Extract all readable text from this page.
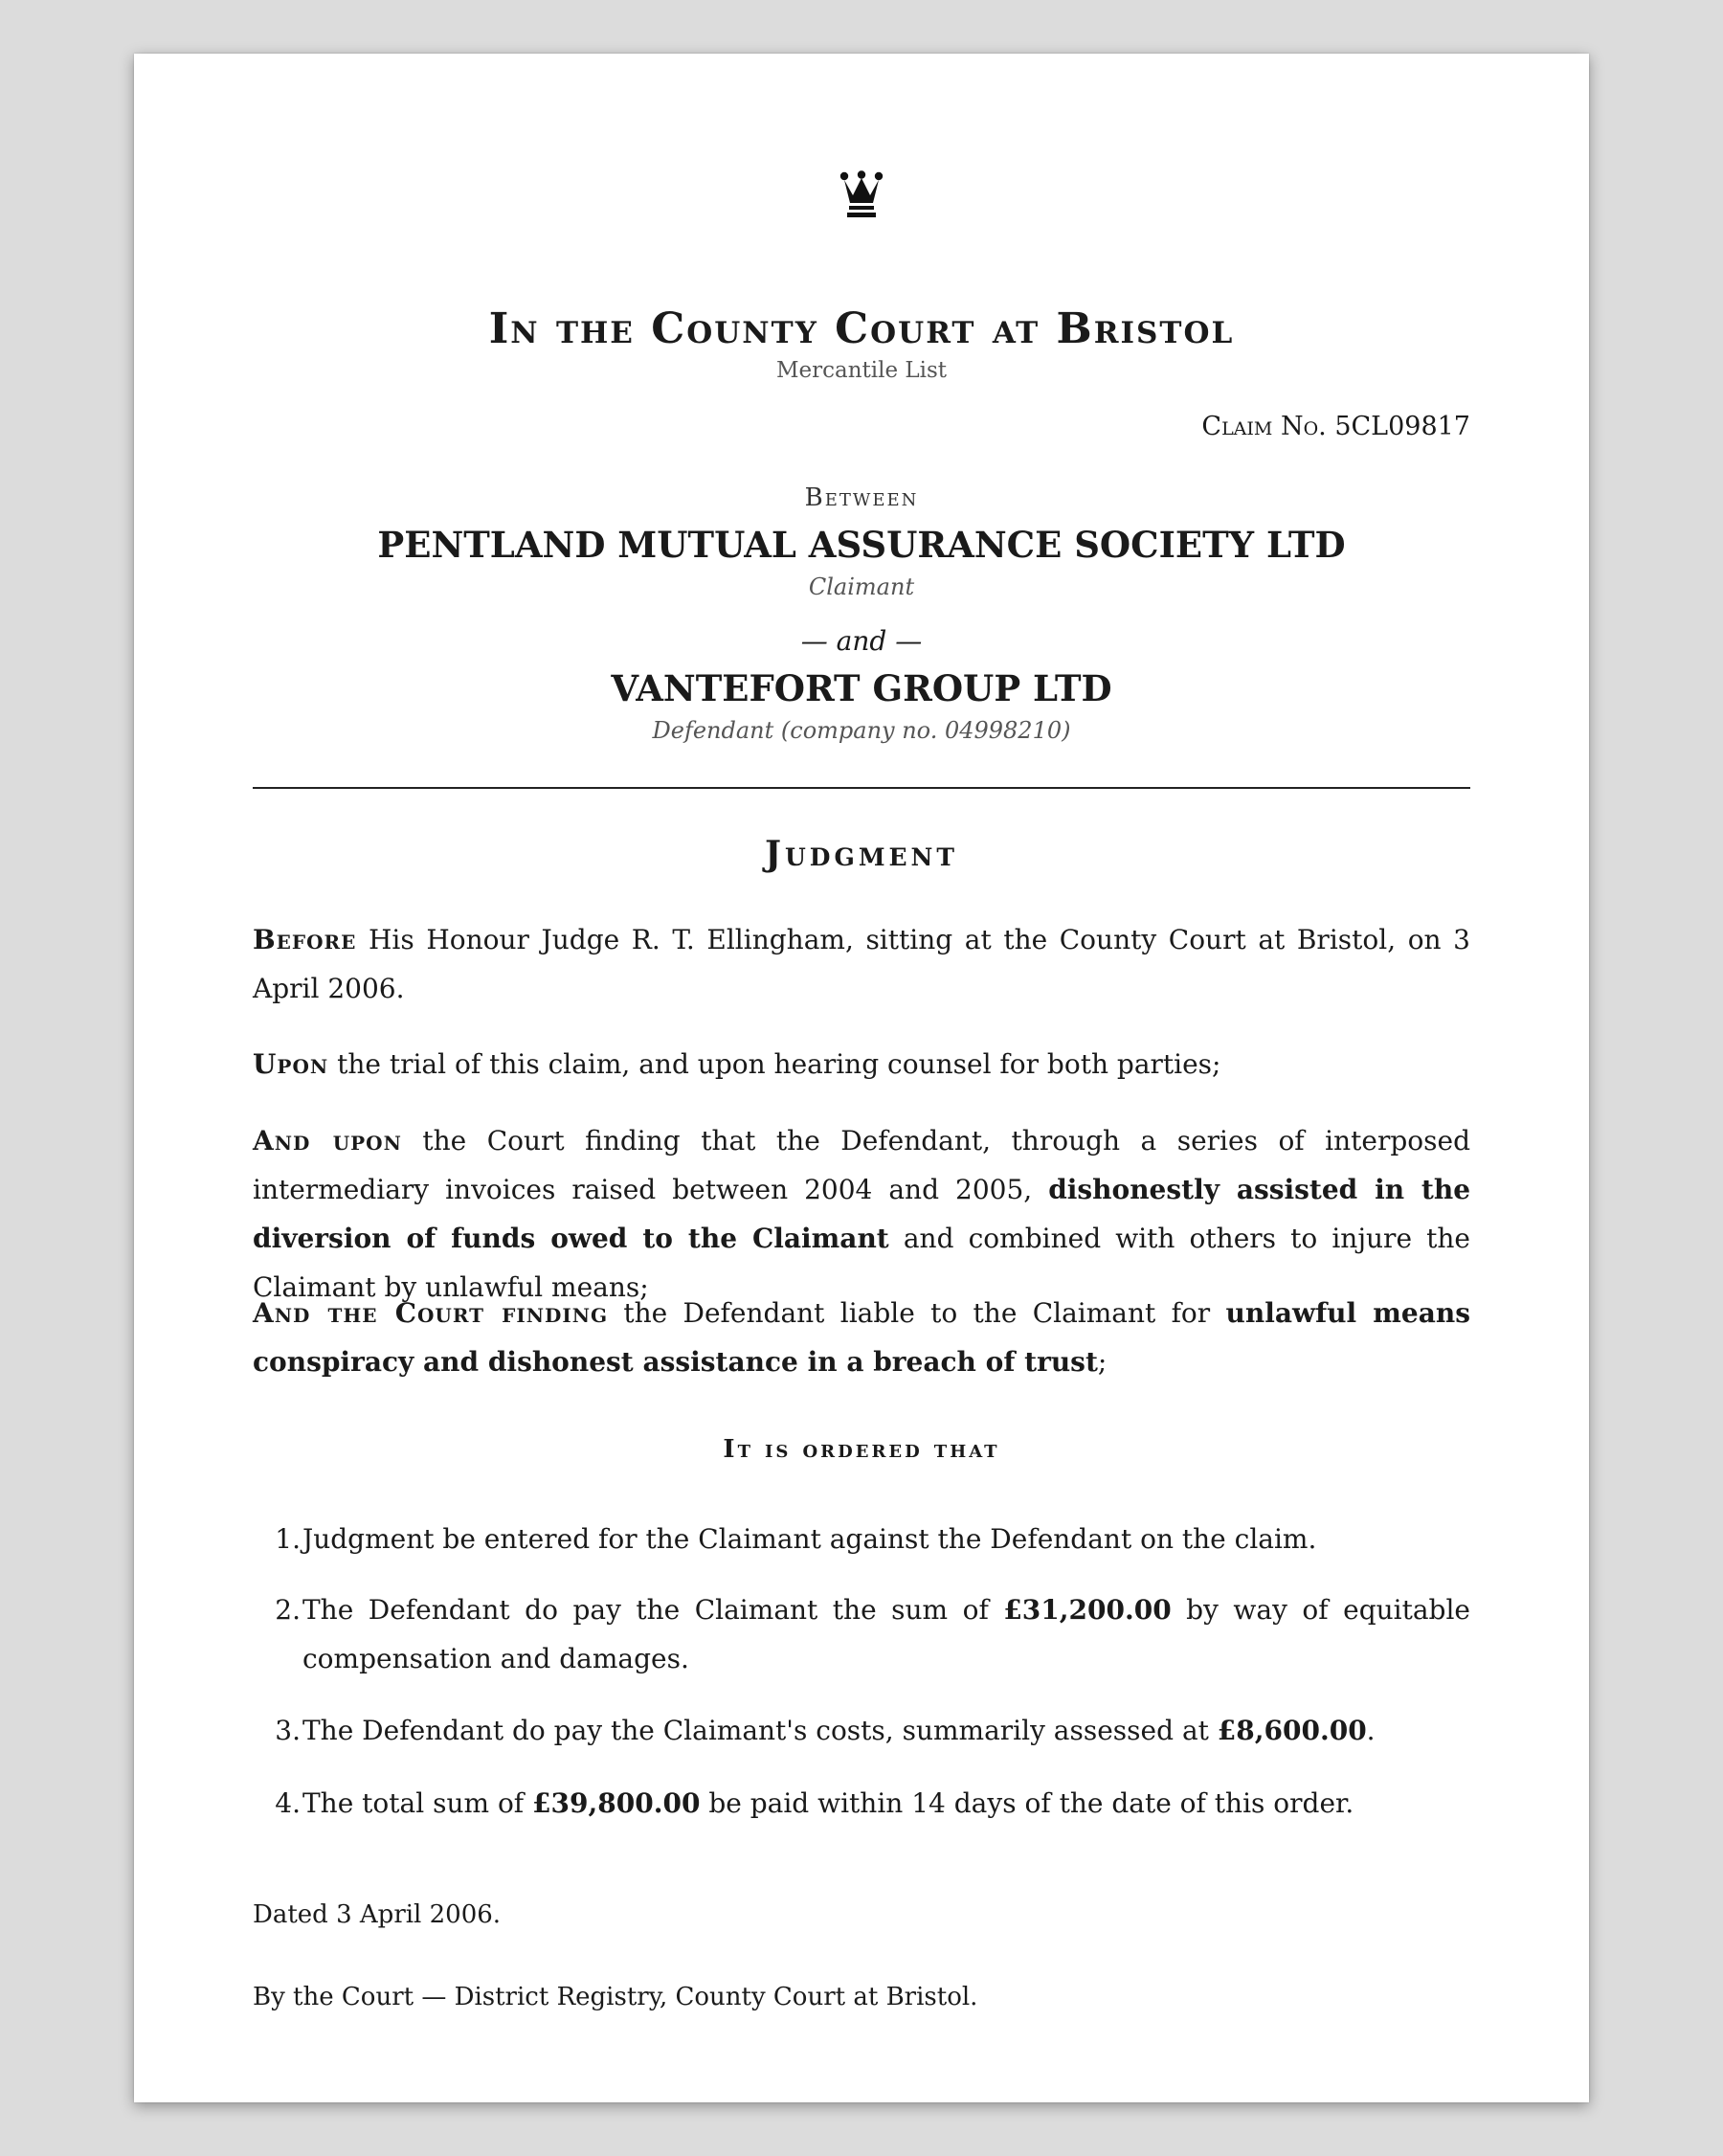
In the County Court at Bristol
Mercantile List
Claim No. 5CL09817
Between
PENTLAND MUTUAL ASSURANCE SOCIETY LTD
Claimant
— and —
VANTEFORT GROUP LTD
Defendant (company no. 04998210)
Judgment

Before His Honour Judge R. T. Ellingham, sitting at the County Court at Bristol, on 3 April 2006.

Upon the trial of this claim, and upon hearing counsel for both parties;

And upon the Court finding that the Defendant, through a series of interposed intermediary invoices raised between 2004 and 2005, dishonestly assisted in the diversion of funds owed to the Claimant and combined with others to injure the Claimant by unlawful means;

And the Court finding the Defendant liable to the Claimant for unlawful means conspiracy and dishonest assistance in a breach of trust;

It is ordered that
1. Judgment be entered for the Claimant against the Defendant on the claim.
2. The Defendant do pay the Claimant the sum of £31,200.00 by way of equitable compensation and damages.
3. The Defendant do pay the Claimant's costs, summarily assessed at £8,600.00.
4. The total sum of £39,800.00 be paid within 14 days of the date of this order.
Dated 3 April 2006.
By the Court — District Registry, County Court at Bristol.
